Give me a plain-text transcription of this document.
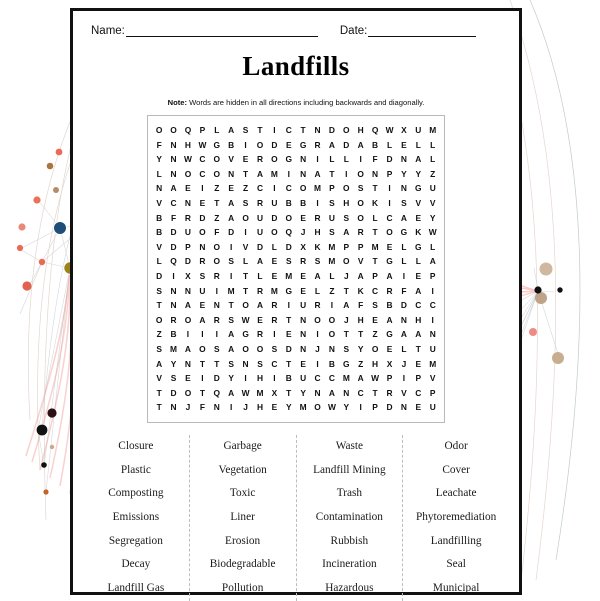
Name:	Date:
Landfills
Note: Words are hidden in all directions including backwards and diagonally.
O	O	Q	P	L	A	S	T	I	C	T	N	D	O	H	Q	W	X	U	M
F	N	H	W	G	B	I	O	D	E	G	R	A	D	A	B	L	E	L	L
Y	N	W	C	O	V	E	R	O	G	N	I	L	L	I	F	D	N	A	L
L	N	O	C	O	N	T	A	M	I	N	A	T	I	O	N	P	Y	Y	Z
N	A	E	I	Z	E	Z	C	I	C	O	M	P	O	S	T	I	N	G	U
V	C	N	E	T	A	S	R	U	B	B	I	S	H	O	K	I	S	V	V
B	F	R	D	Z	A	O	U	D	O	E	R	U	S	O	L	C	A	E	Y
B	D	U	O	F	D	I	U	O	Q	J	H	S	A	R	T	O	G	K	W
V	D	P	N	O	I	V	D	L	D	X	K	M	P	P	M	E	L	G	L
L	Q	D	R	O	S	L	A	E	S	R	S	M	O	V	T	G	L	L	A
D	I	X	S	R	I	T	L	E	M	E	A	L	J	A	P	A	I	E	P
S	N	N	U	I	M	T	R	M	G	E	L	Z	T	K	C	R	F	A	I
T	N	A	E	N	T	O	A	R	I	U	R	I	A	F	S	B	D	C	C
O	R	O	A	R	S	W	E	R	T	N	O	O	J	H	E	A	N	H	I
Z	B	I	I	I	A	G	R	I	E	N	I	O	T	T	Z	G	A	A	N
S	M	A	O	S	A	O	O	S	D	N	J	N	S	Y	O	E	L	T	U
A	Y	N	T	T	S	N	S	C	T	E	I	B	G	Z	H	X	J	E	M
V	S	E	I	D	Y	I	H	I	B	U	C	C	M	A	W	P	I	P	V
T	D	O	T	Q	A	W	M	X	T	Y	N	A	N	C	T	R	V	C	P
T	N	J	F	N	I	J	H	E	Y	M	O	W	Y	I	P	D	N	E	U
Closure
Plastic
Composting
Emissions
Segregation
Decay
Landfill Gas
Garbage
Vegetation
Toxic
Liner
Erosion
Biodegradable
Pollution
Waste
Landfill Mining
Trash
Contamination
Rubbish
Incineration
Hazardous
Odor
Cover
Leachate
Phytoremediation
Landfilling
Seal
Municipal
